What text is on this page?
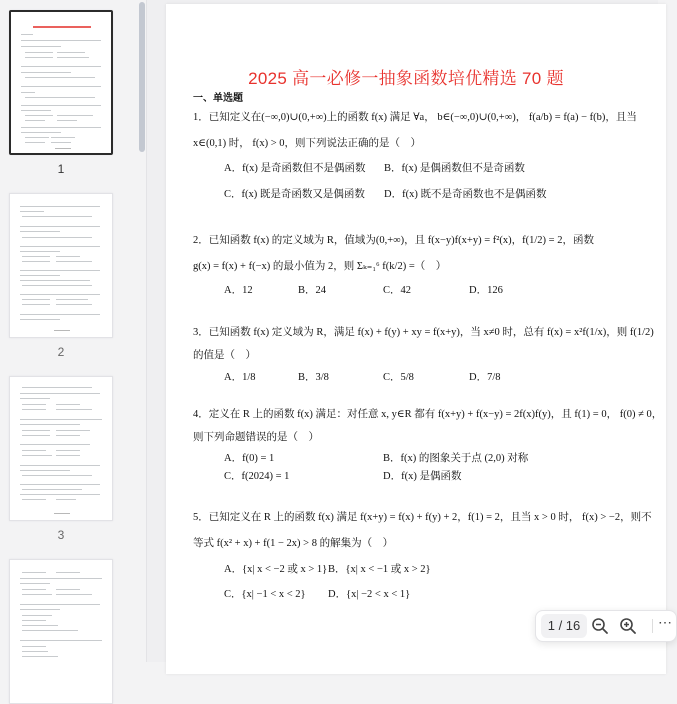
1
2
3
2025 高一必修一抽象函数培优精选 70 题
一、单选题
1．已知定义在(−∞,0)∪(0,+∞)上的函数 f(x) 满足 ∀a， b∈(−∞,0)∪(0,+∞)， f(a/b) = f(a) − f(b)，且当
x∈(0,1) 时， f(x) > 0，则下列说法正确的是（　）
A．f(x) 是奇函数但不是偶函数 B．f(x) 是偶函数但不是奇函数
C．f(x) 既是奇函数又是偶函数 D．f(x) 既不是奇函数也不是偶函数
2．已知函数 f(x) 的定义域为 R，值域为(0,+∞)，且 f(x−y)f(x+y) = f²(x)，f(1/2) = 2，函数
g(x) = f(x) + f(−x) 的最小值为 2，则 Σₖ₌₁⁶ f(k/2) =（　）
A．12	B．24	C．42	D．126
3．已知函数 f(x) 定义域为 R，满足 f(x) + f(y) + xy = f(x+y)，当 x≠0 时，总有 f(x) = x²f(1/x)，则 f(1/2)
的值是（　）
A．1/8	B．3/8	C．5/8	D．7/8
4．定义在 R 上的函数 f(x) 满足：对任意 x, y∈R 都有 f(x+y) + f(x−y) = 2f(x)f(y)，且 f(1) = 0， f(0) ≠ 0，
则下列命题错误的是（　）
A．f(0) = 1	B．f(x) 的图象关于点 (2,0) 对称
C．f(2024) = 1	D．f(x) 是偶函数
5．已知定义在 R 上的函数 f(x) 满足 f(x+y) = f(x) + f(y) + 2，f(1) = 2，且当 x > 0 时， f(x) > −2，则不
等式 f(x² + x) + f(1 − 2x) > 8 的解集为（　）
A．{x| x < −2 或 x > 1} B．{x| x < −1 或 x > 2}
C．{x| −1 < x < 2} D．{x| −2 < x < 1}
1 / 16	⋯
